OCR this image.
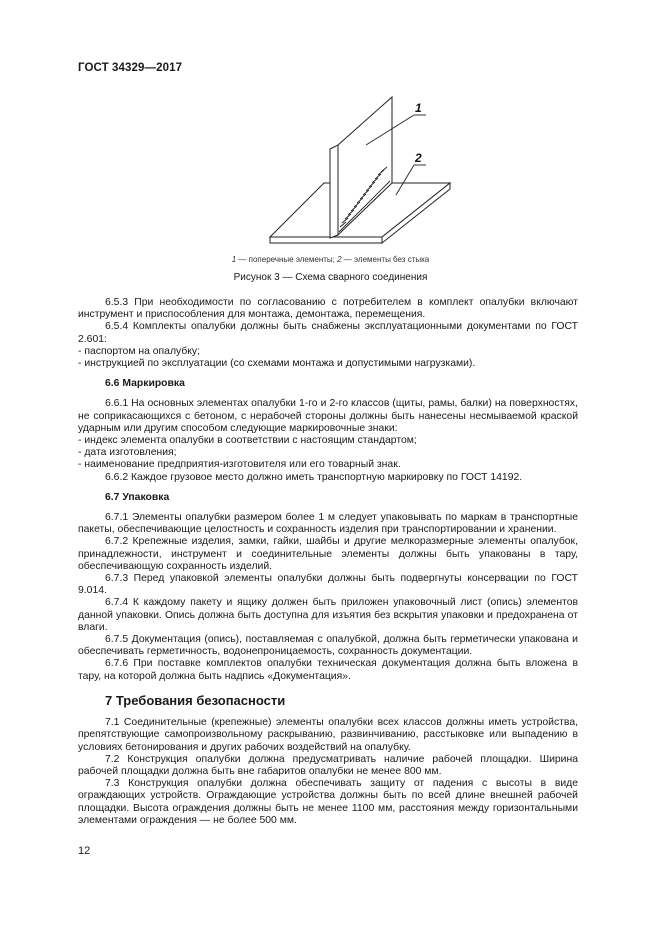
ГОСТ 34329—2017
1
2
1 — поперечные элементы; 2 — элементы без стыка
Рисунок 3 — Схема сварного соединения

6.5.3 При необходимости по согласованию с потребителем в комплект опалубки включают инструмент и приспособления для монтажа, демонтажа, перемещения.

6.5.4 Комплекты опалубки должны быть снабжены эксплуатационными документами по ГОСТ 2.601:

- паспортом на опалубку;

- инструкцией по эксплуатации (со схемами монтажа и допустимыми нагрузками).

6.6 Маркировка

6.6.1 На основных элементах опалубки 1-го и 2-го классов (щиты, рамы, балки) на поверхностях, не соприкасающихся с бетоном, с нерабочей стороны должны быть нанесены несмываемой краской ударным или другим способом следующие маркировочные знаки:

- индекс элемента опалубки в соответствии с настоящим стандартом;

- дата изготовления;

- наименование предприятия-изготовителя или его товарный знак.

6.6.2 Каждое грузовое место должно иметь транспортную маркировку по ГОСТ 14192.

6.7 Упаковка

6.7.1 Элементы опалубки размером более 1 м следует упаковывать по маркам в транспортные пакеты, обеспечивающие целостность и сохранность изделия при транспортировании и хранении.

6.7.2 Крепежные изделия, замки, гайки, шайбы и другие мелкоразмерные элементы опалубок, принадлежности, инструмент и соединительные элементы должны быть упакованы в тару, обеспечивающую сохранность изделий.

6.7.3 Перед упаковкой элементы опалубки должны быть подвергнуты консервации по ГОСТ 9.014.

6.7.4 К каждому пакету и ящику должен быть приложен упаковочный лист (опись) элементов данной упаковки. Опись должна быть доступна для изъятия без вскрытия упаковки и предохранена от влаги.

6.7.5 Документация (опись), поставляемая с опалубкой, должна быть герметически упакована и обеспечивать герметичность, водонепроницаемость, сохранность документации.

6.7.6 При поставке комплектов опалубки техническая документация должна быть вложена в тару, на которой должна быть надпись «Документация».

7 Требования безопасности

7.1 Соединительные (крепежные) элементы опалубки всех классов должны иметь устройства, препятствующие самопроизвольному раскрыванию, развинчиванию, расстыковке или выпадению в условиях бетонирования и других рабочих воздействий на опалубку.

7.2 Конструкция опалубки должна предусматривать наличие рабочей площадки. Ширина рабочей площадки должна быть вне габаритов опалубки не менее 800 мм.

7.3 Конструкция опалубки должна обеспечивать защиту от падения с высоты в виде ограждающих устройств. Ограждающие устройства должны быть по всей длине внешней рабочей площадки. Высота ограждения должны быть не менее 1100 мм, расстояния между горизонтальными элементами ограждения — не более 500 мм.

12
